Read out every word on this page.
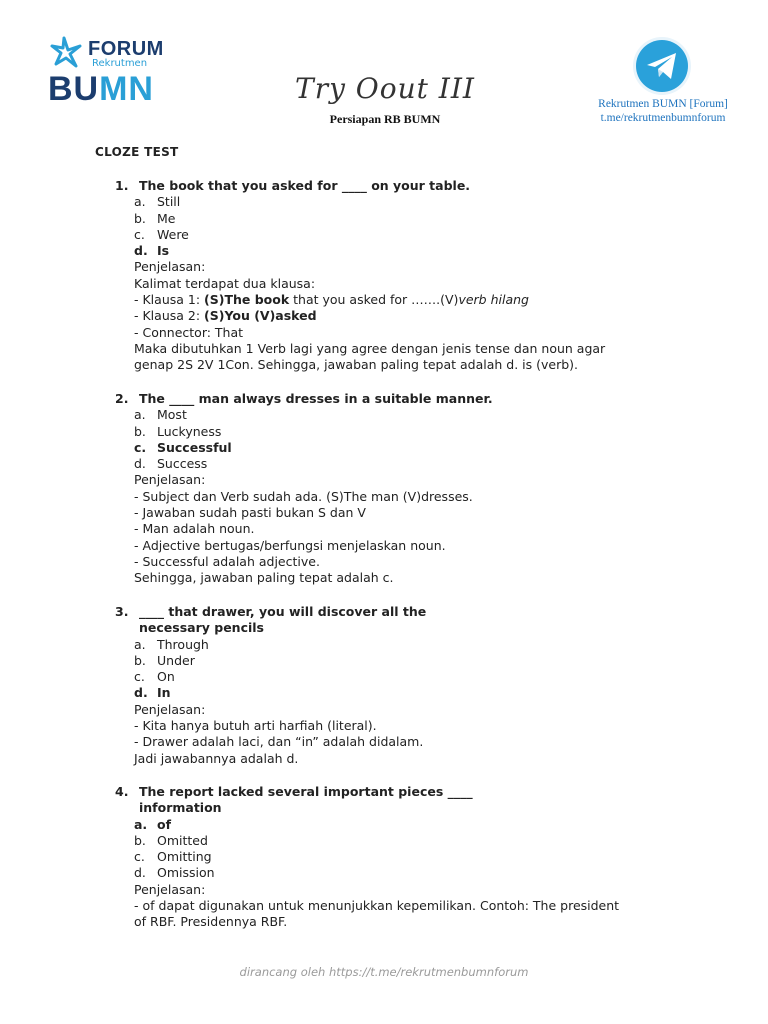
FORUM
Rekrutmen
BUMN	Try Oout III
Persiapan RB BUMN
Rekrutmen BUMN [Forum]
t.me/rekrutmenbumnforum
CLOZE TEST
1. The book that you asked for ____ on your table.
a. Still
b. Me
c. Were
d. Is
Penjelasan:
Kalimat terdapat dua klausa:
- Klausa 1: (S)The book that you asked for …….(V)verb hilang
- Klausa 2: (S)You (V)asked
- Connector: That
Maka dibutuhkan 1 Verb lagi yang agree dengan jenis tense dan noun agar
genap 2S 2V 1Con. Sehingga, jawaban paling tepat adalah d. is (verb).
2. The ____ man always dresses in a suitable manner.
a. Most
b. Luckyness
c. Successful
d. Success
Penjelasan:
- Subject dan Verb sudah ada. (S)The man (V)dresses.
- Jawaban sudah pasti bukan S dan V
- Man adalah noun.
- Adjective bertugas/berfungsi menjelaskan noun.
- Successful adalah adjective.
Sehingga, jawaban paling tepat adalah c.
3. ____ that drawer, you will discover all the
necessary pencils
a. Through
b. Under
c. On
d. In
Penjelasan:
- Kita hanya butuh arti harfiah (literal).
- Drawer adalah laci, dan “in” adalah didalam.
Jadi jawabannya adalah d.
4. The report lacked several important pieces ____
information
a. of
b. Omitted
c. Omitting
d. Omission
Penjelasan:
- of dapat digunakan untuk menunjukkan kepemilikan. Contoh: The president
of RBF. Presidennya RBF.
dirancang oleh https://t.me/rekrutmenbumnforum
